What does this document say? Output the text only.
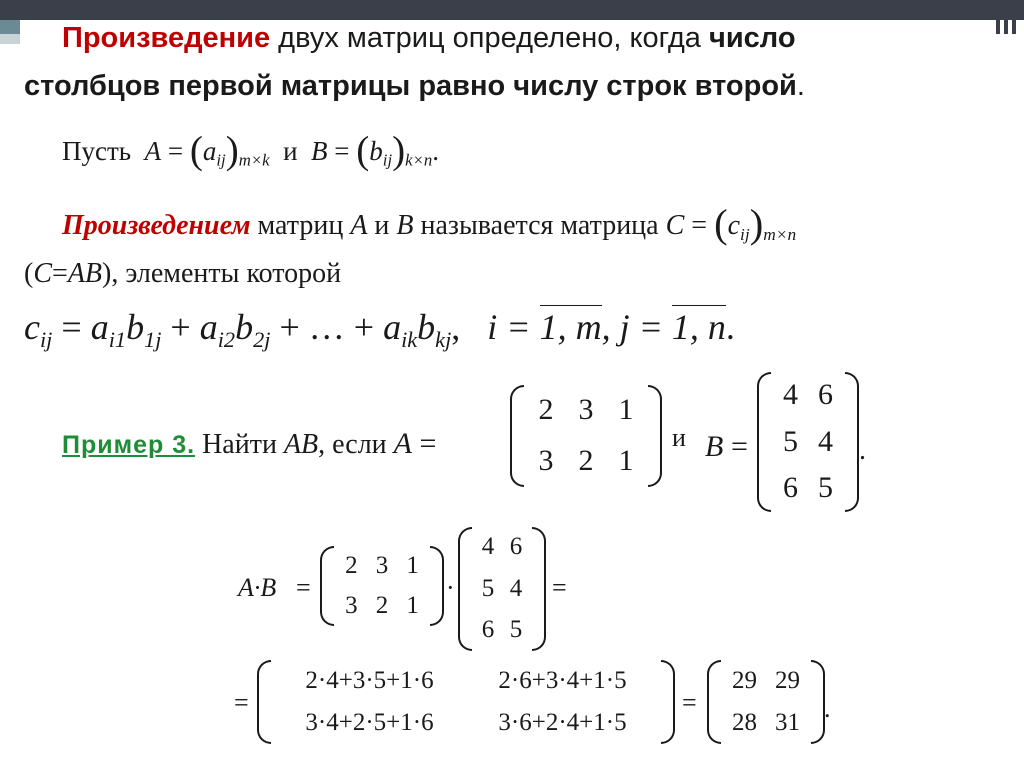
Произведение двух матриц определено, когда число
столбцов первой матрицы равно числу строк второй.
Пусть $A = (a_{ij})_{m\times k}$ и $B = (b_{ij})_{k\times n}$.
Произведением матриц A и B называется матрица $C = (c_{ij})_{m\times n}$
(C=AB), элементы которой
$c_{ij} = a_{i1}b_{1j} + a_{i2}b_{2j}$ + … + $a_{ik}b_{kj}$, i = 1, m, j = 1, n.
Пример 3. Найти AB, если A =
2 3 1
3 2 1
и B =
4 6
5 4
6 5
.
A·B =
2 3 1
3 2 1
·
4 6
5 4
6 5
=
=
2·4+3·5+1·6	2·6+3·4+1·5
3·4+2·5+1·6	3·6+2·4+1·5
=
29 29
28 31 .
